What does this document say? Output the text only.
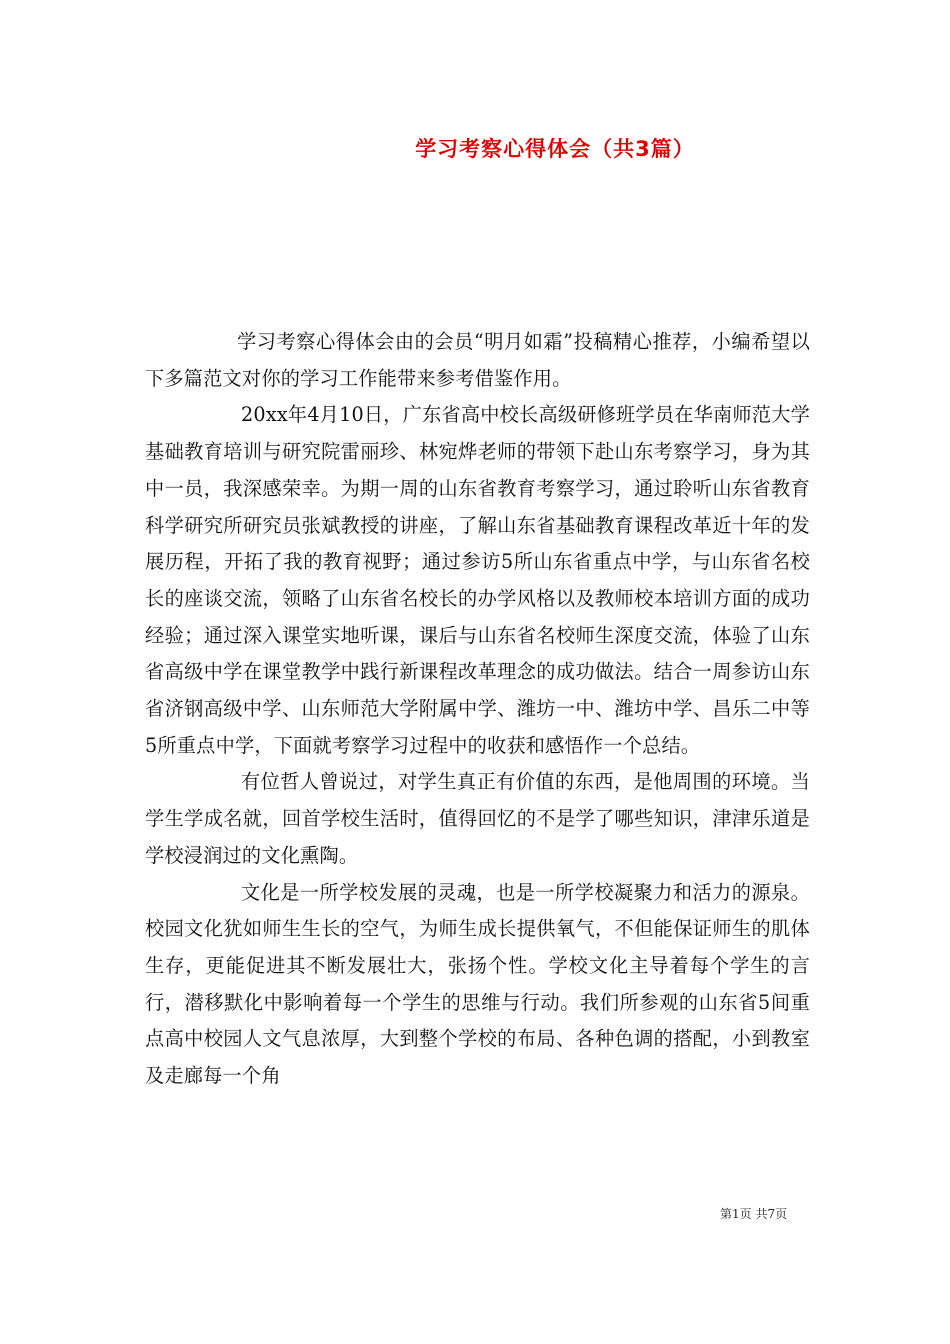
学习考察心得体会（共3篇）

学习考察心得体会由的会员“明月如霜”投稿精心推荐，小编希望以下多篇范文对你的学习工作能带来参考借鉴作用。

20xx年4月10日，广东省高中校长高级研修班学员在华南师范大学基础教育培训与研究院雷丽珍、林宛烨老师的带领下赴山东考察学习，身为其中一员，我深感荣幸。为期一周的山东省教育考察学习，通过聆听山东省教育科学研究所研究员张斌教授的讲座，了解山东省基础教育课程改革近十年的发展历程，开拓了我的教育视野；通过参访5所山东省重点中学，与山东省名校长的座谈交流，领略了山东省名校长的办学风格以及教师校本培训方面的成功经验；通过深入课堂实地听课，课后与山东省名校师生深度交流，体验了山东省高级中学在课堂教学中践行新课程改革理念的成功做法。结合一周参访山东省济钢高级中学、山东师范大学附属中学、潍坊一中、潍坊中学、昌乐二中等5所重点中学，下面就考察学习过程中的收获和感悟作一个总结。

有位哲人曾说过，对学生真正有价值的东西，是他周围的环境。当学生学成名就，回首学校生活时，值得回忆的不是学了哪些知识，津津乐道是学校浸润过的文化熏陶。

文化是一所学校发展的灵魂，也是一所学校凝聚力和活力的源泉。校园文化犹如师生生长的空气，为师生成长提供氧气，不但能保证师生的肌体生存，更能促进其不断发展壮大，张扬个性。学校文化主导着每个学生的言行，潜移默化中影响着每一个学生的思维与行动。我们所参观的山东省5间重点高中校园人文气息浓厚，大到整个学校的布局、各种色调的搭配，小到教室及走廊每一个角

第1页 共7页
